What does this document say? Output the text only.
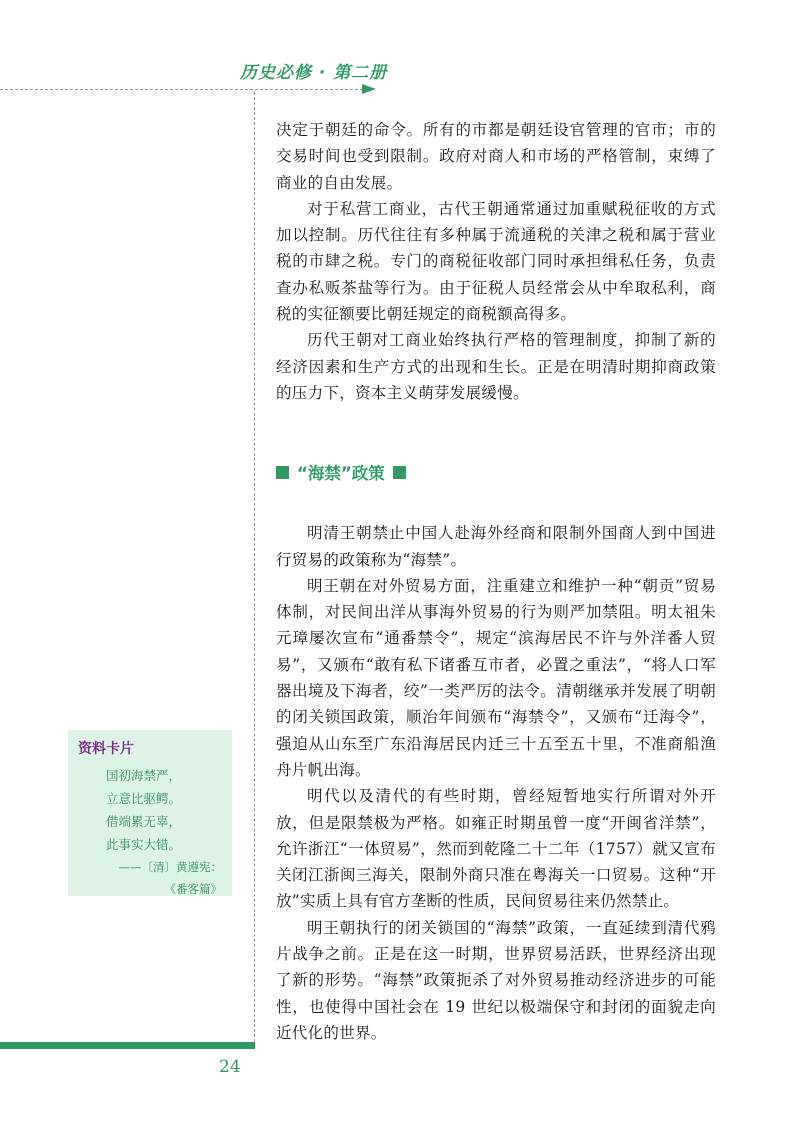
历史必修 · 第二册

决定于朝廷的命令。所有的市都是朝廷设官管理的官市；市的交易时间也受到限制。政府对商人和市场的严格管制，束缚了商业的自由发展。

对于私营工商业，古代王朝通常通过加重赋税征收的方式加以控制。历代往往有多种属于流通税的关津之税和属于营业税的市肆之税。专门的商税征收部门同时承担缉私任务，负责查办私贩茶盐等行为。由于征税人员经常会从中牟取私利，商税的实征额要比朝廷规定的商税额高得多。

历代王朝对工商业始终执行严格的管理制度，抑制了新的经济因素和生产方式的出现和生长。正是在明清时期抑商政策的压力下，资本主义萌芽发展缓慢。

“海禁”政策

明清王朝禁止中国人赴海外经商和限制外国商人到中国进行贸易的政策称为“海禁”。

明王朝在对外贸易方面，注重建立和维护一种“朝贡”贸易体制，对民间出洋从事海外贸易的行为则严加禁阻。明太祖朱元璋屡次宣布“通番禁令”，规定“滨海居民不许与外洋番人贸易”，又颁布“敢有私下诸番互市者，必置之重法”，“将人口军器出境及下海者，绞”一类严厉的法令。清朝继承并发展了明朝的闭关锁国政策，顺治年间颁布“海禁令”，又颁布“迁海令”，强迫从山东至广东沿海居民内迁三十五至五十里，不准商船渔舟片帆出海。

明代以及清代的有些时期，曾经短暂地实行所谓对外开放，但是限禁极为严格。如雍正时期虽曾一度“开闽省洋禁”，允许浙江“一体贸易”，然而到乾隆二十二年（1757）就又宣布关闭江浙闽三海关，限制外商只准在粤海关一口贸易。这种“开放”实质上具有官方垄断的性质，民间贸易往来仍然禁止。

明王朝执行的闭关锁国的“海禁”政策，一直延续到清代鸦片战争之前。正是在这一时期，世界贸易活跃，世界经济出现了新的形势。“海禁”政策扼杀了对外贸易推动经济进步的可能性，也使得中国社会在 19 世纪以极端保守和封闭的面貌走向近代化的世界。

资料卡片
国初海禁严，
立意比驱鳄。
借端累无辜，
此事实大错。
——〔清〕黄遵宪：
《番客篇》
24
